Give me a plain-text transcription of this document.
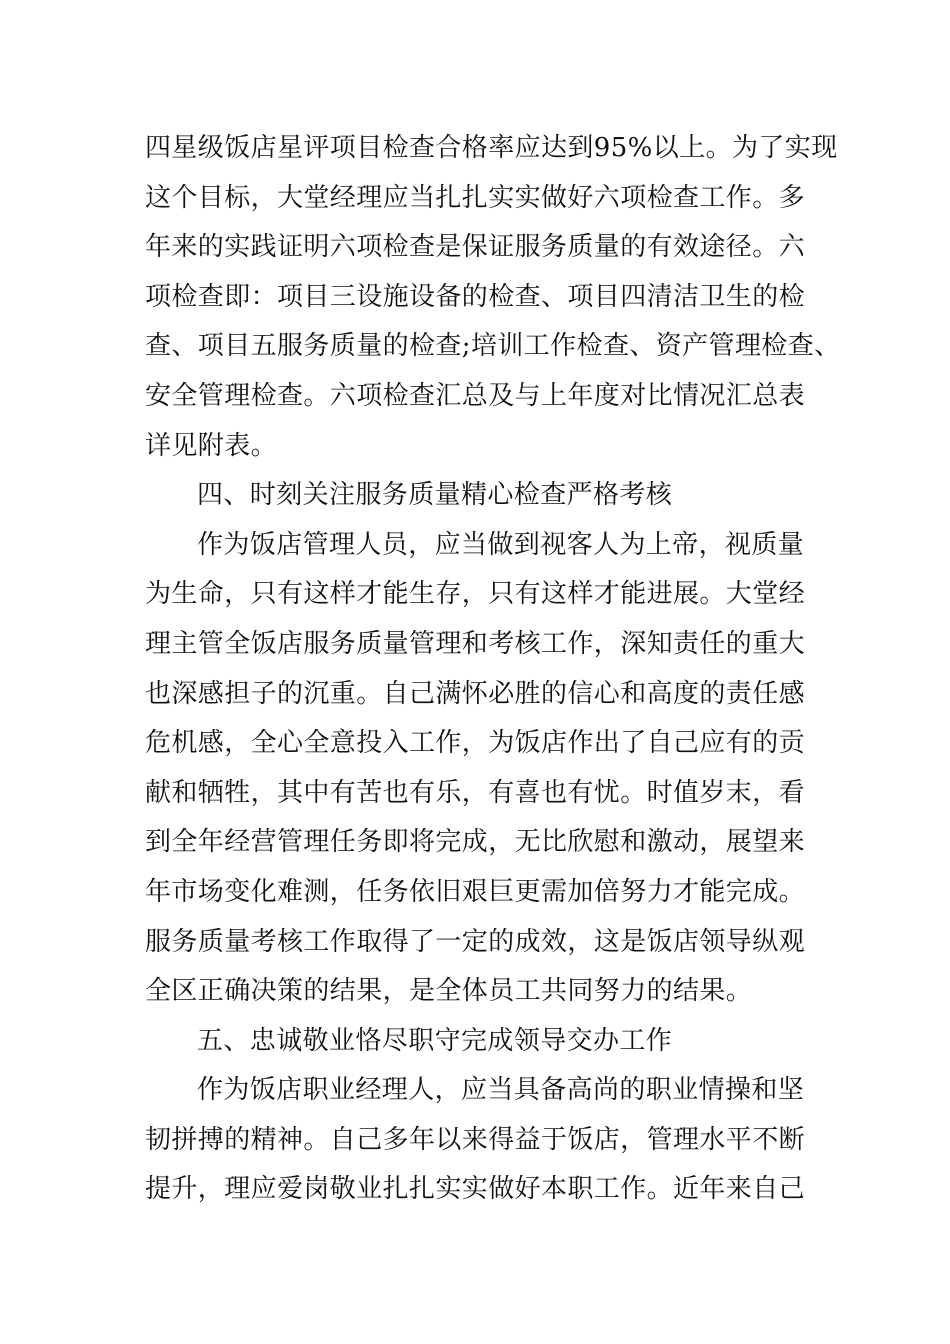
四星级饭店星评项目检查合格率应达到95%以上。为了实现
这个目标，大堂经理应当扎扎实实做好六项检查工作。多
年来的实践证明六项检查是保证服务质量的有效途径。六
项检查即：项目三设施设备的检查、项目四清洁卫生的检
查、项目五服务质量的检查;培训工作检查、资产管理检查、
安全管理检查。六项检查汇总及与上年度对比情况汇总表
详见附表。
四、时刻关注服务质量精心检查严格考核
作为饭店管理人员，应当做到视客人为上帝，视质量
为生命，只有这样才能生存，只有这样才能进展。大堂经
理主管全饭店服务质量管理和考核工作，深知责任的重大
也深感担子的沉重。自己满怀必胜的信心和高度的责任感
危机感，全心全意投入工作，为饭店作出了自己应有的贡
献和牺牲，其中有苦也有乐，有喜也有忧。时值岁末，看
到全年经营管理任务即将完成，无比欣慰和激动，展望来
年市场变化难测，任务依旧艰巨更需加倍努力才能完成。
服务质量考核工作取得了一定的成效，这是饭店领导纵观
全区正确决策的结果，是全体员工共同努力的结果。
五、忠诚敬业恪尽职守完成领导交办工作
作为饭店职业经理人，应当具备高尚的职业情操和坚
韧拼搏的精神。自己多年以来得益于饭店，管理水平不断
提升，理应爱岗敬业扎扎实实做好本职工作。近年来自己
